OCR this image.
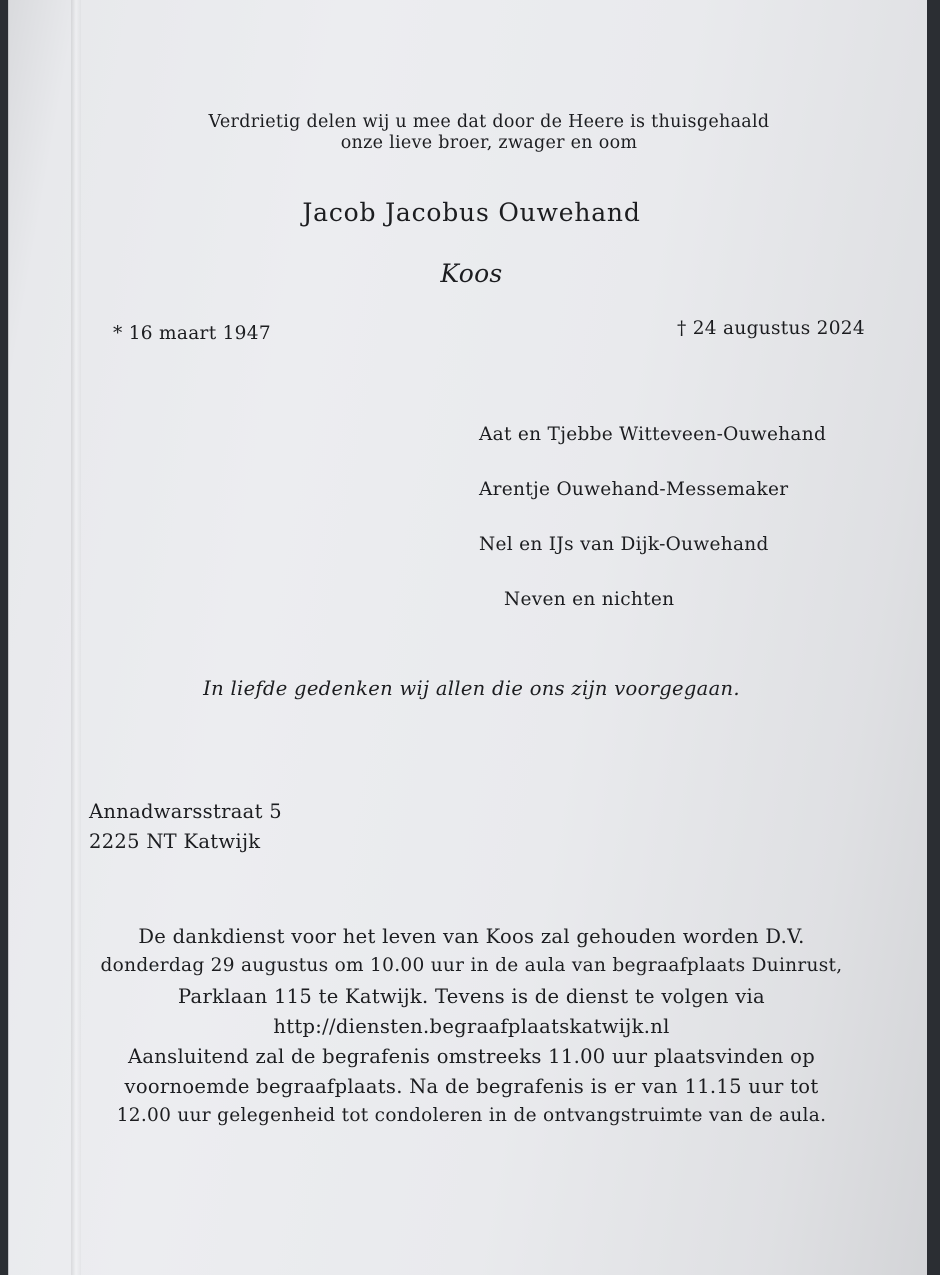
Verdrietig delen wij u mee dat door de Heere is thuisgehaald
onze lieve broer, zwager en oom
Jacob Jacobus Ouwehand
Koos
* 16 maart 1947	† 24 augustus 2024
Aat en Tjebbe Witteveen-Ouwehand
Arentje Ouwehand-Messemaker
Nel en IJs van Dijk-Ouwehand
Neven en nichten
In liefde gedenken wij allen die ons zijn voorgegaan.
Annadwarsstraat 5
2225 NT Katwijk
De dankdienst voor het leven van Koos zal gehouden worden D.V.
donderdag 29 augustus om 10.00 uur in de aula van begraafplaats Duinrust,
Parklaan 115 te Katwijk. Tevens is de dienst te volgen via
http://diensten.begraafplaatskatwijk.nl
Aansluitend zal de begrafenis omstreeks 11.00 uur plaatsvinden op
voornoemde begraafplaats. Na de begrafenis is er van 11.15 uur tot
12.00 uur gelegenheid tot condoleren in de ontvangstruimte van de aula.
